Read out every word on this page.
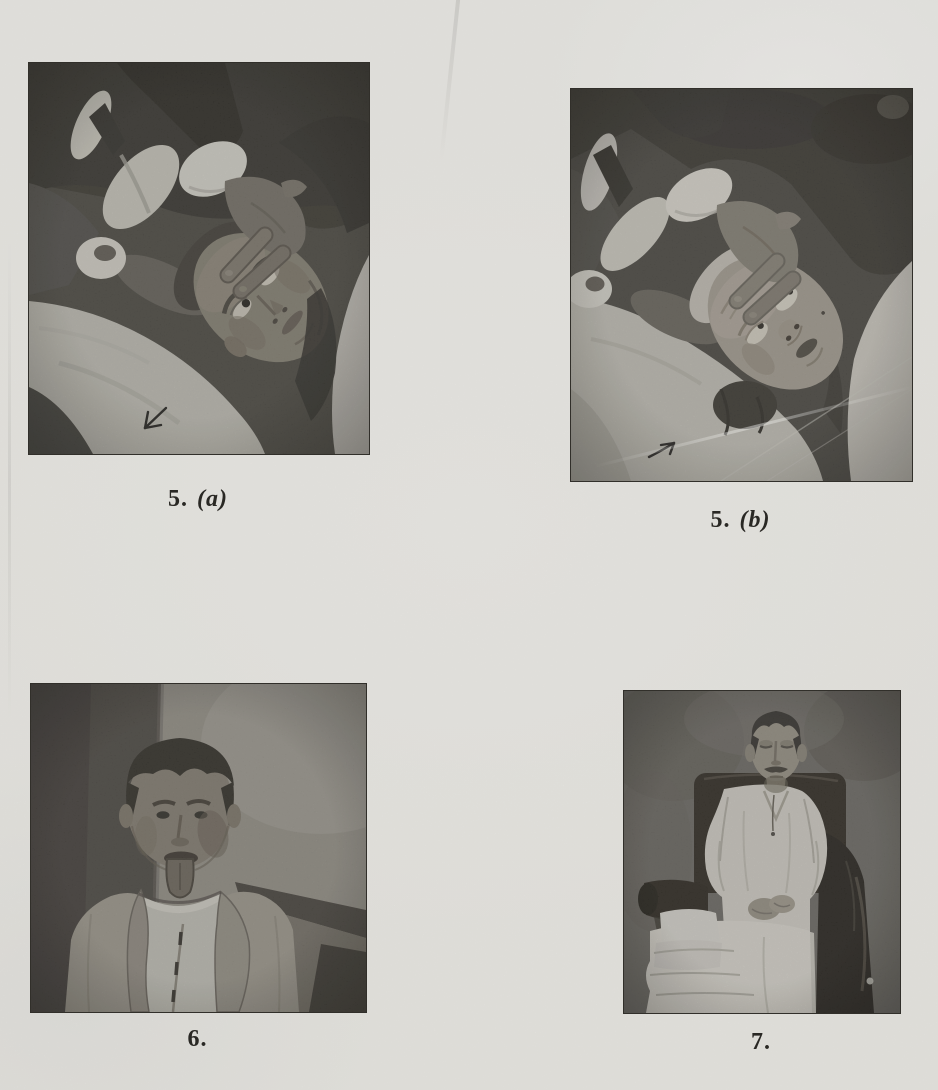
5. (a)
5. (b)
6.	7.
